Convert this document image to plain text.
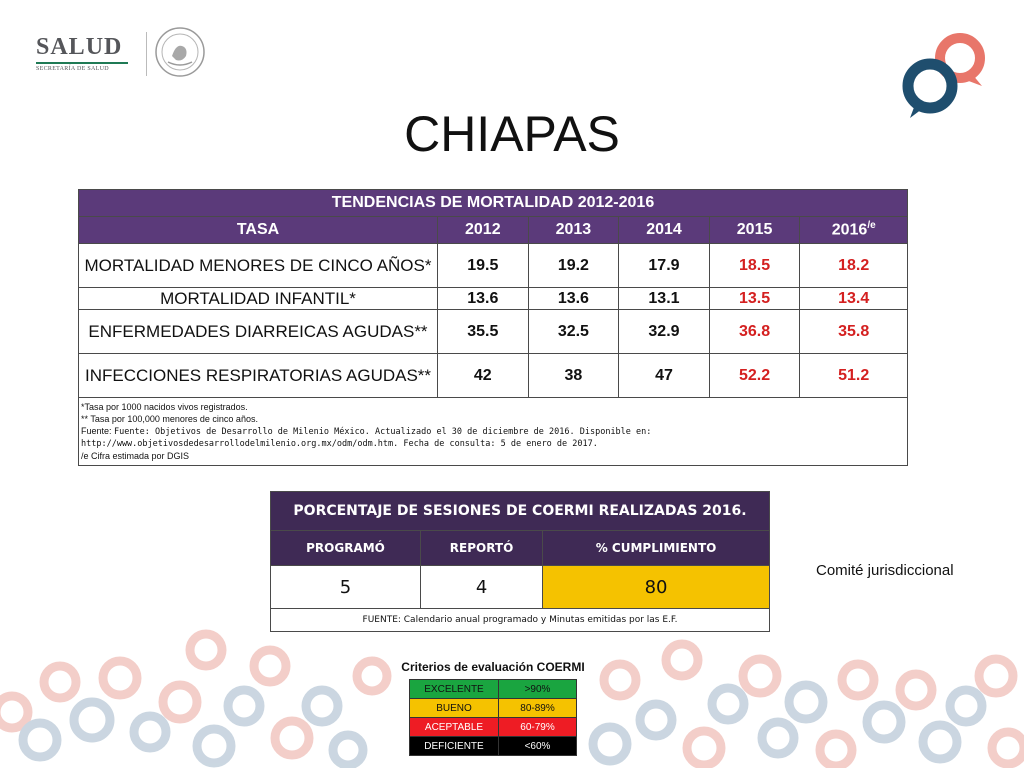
SALUD
SECRETARÍA DE SALUD
CHIAPAS
TENDENCIAS DE MORTALIDAD 2012-2016					
TASA	2012	2013	2014	2015	$2016^{/e}$
MORTALIDAD MENORES DE CINCO AÑOS*	19.5	19.2	17.9	18.5	18.2
MORTALIDAD INFANTIL*	13.6	13.6	13.1	13.5	13.4
ENFERMEDADES DIARREICAS AGUDAS**	35.5	32.5	32.9	36.8	35.8
INFECCIONES RESPIRATORIAS AGUDAS**	42	38	47	52.2	51.2

*Tasa por 1000 nacidos vivos registrados.
** Tasa por 100,000 menores de cinco años.
Fuente: Fuente: Objetivos de Desarrollo de Milenio México. Actualizado el 30 de diciembre de 2016. Disponible en:
http://www.objetivosdedesarrollodelmilenio.org.mx/odm/odm.htm. Fecha de consulta: 5 de enero de 2017.
/e Cifra estimada por DGIS					
PORCENTAJE DE SESIONES DE COERMI REALIZADAS 2016.		
PROGRAMÓ	REPORTÓ	% CUMPLIMIENTO
5	4	80
FUENTE: Calendario anual programado y Minutas emitidas por las E.F.		
Comité jurisdiccional
Criterios de evaluación COERMI
EXCELENTE	>90%
BUENO	80-89%
ACEPTABLE	60-79%
DEFICIENTE	<60%
